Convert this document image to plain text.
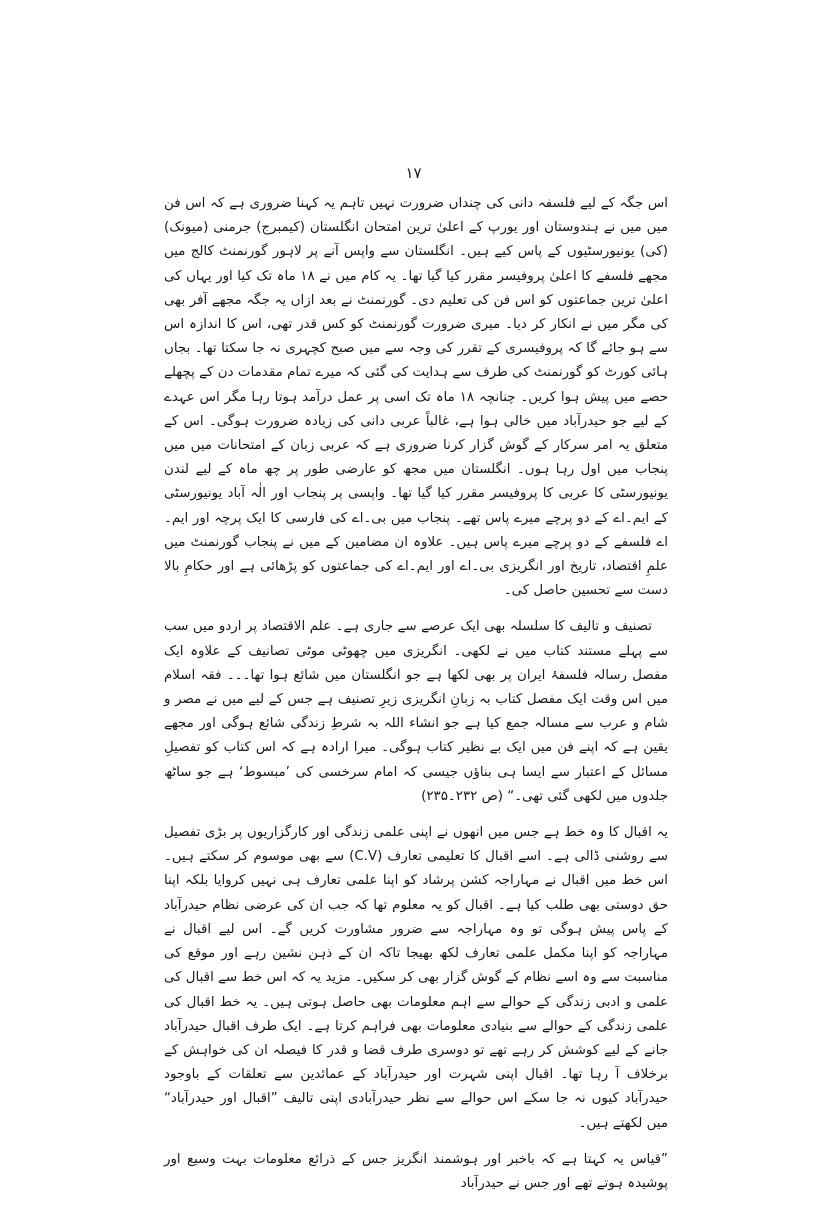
۱۷

اس جگہ کے لیے فلسفہ دانی کی چنداں ضرورت نہیں تاہم یہ کہنا ضروری ہے کہ اس فن میں میں نے ہندوستان اور یورپ کے اعلیٰ ترین امتحان انگلستان (کیمبرج) جرمنی (میونک) (کی) یونیورسٹیوں کے پاس کیے ہیں۔ انگلستان سے واپس آنے پر لاہور گورنمنٹ کالج میں مجھے فلسفے کا اعلیٰ پروفیسر مقرر کیا گیا تھا۔ یہ کام میں نے ۱۸ ماہ تک کیا اور یہاں کی اعلیٰ ترین جماعتوں کو اس فن کی تعلیم دی۔ گورنمنٹ نے بعد ازاں یہ جگہ مجھے آفر بھی کی مگر میں نے انکار کر دیا۔ میری ضرورت گورنمنٹ کو کس قدر تھی، اس کا اندازہ اس سے ہو جائے گا کہ پروفیسری کے تقرر کی وجہ سے میں صبح کچہری نہ جا سکتا تھا۔ بجاں ہائی کورٹ کو گورنمنٹ کی طرف سے ہدایت کی گئی کہ میرے تمام مقدمات دن کے پچھلے حصے میں پیش ہوا کریں۔ چنانچہ ۱۸ ماہ تک اسی پر عمل درآمد ہوتا رہا مگر اس عہدے کے لیے جو حیدرآباد میں خالی ہوا ہے، غالباً عربی دانی کی زیادہ ضرورت ہوگی۔ اس کے متعلق یہ امر سرکار کے گوش گزار کرنا ضروری ہے کہ عربی زبان کے امتحانات میں میں پنجاب میں اول رہا ہوں۔ انگلستان میں مجھ کو عارضی طور پر چھ ماہ کے لیے لندن یونیورسٹی کا عربی کا پروفیسر مقرر کیا گیا تھا۔ واپسی پر پنجاب اور الٰہ آباد یونیورسٹی کے ایم۔اے کے دو پرچے میرے پاس تھے۔ پنجاب میں بی۔اے کی فارسی کا ایک پرچہ اور ایم۔اے فلسفے کے دو پرچے میرے پاس ہیں۔ علاوہ ان مضامین کے میں نے پنجاب گورنمنٹ میں علمِ اقتصاد، تاریخ اور انگریزی بی۔اے اور ایم۔اے کی جماعتوں کو پڑھائی ہے اور حکامِ بالا دست سے تحسین حاصل کی۔

تصنیف و تالیف کا سلسلہ بھی ایک عرصے سے جاری ہے۔ علم الاقتصاد پر اردو میں سب سے پہلے مستند کتاب میں نے لکھی۔ انگریزی میں چھوٹی موٹی تصانیف کے علاوہ ایک مفصل رسالہ فلسفۂ ایران پر بھی لکھا ہے جو انگلستان میں شائع ہوا تھا۔۔۔ فقہ اسلام میں اس وقت ایک مفصل کتاب بہ زبانِ انگریزی زیرِ تصنیف ہے جس کے لیے میں نے مصر و شام و عرب سے مسالہ جمع کیا ہے جو انشاء اللہ بہ شرطِ زندگی شائع ہوگی اور مجھے یقین ہے کہ اپنے فن میں ایک بے نظیر کتاب ہوگی۔ میرا ارادہ ہے کہ اس کتاب کو تفصیلِ مسائل کے اعتبار سے ایسا ہی بناؤں جیسی کہ امام سرخسی کی ’مبسوط‘ ہے جو ساٹھ جلدوں میں لکھی گئی تھی۔“ (ص ۲۳۲۔۲۳۵)

یہ اقبال کا وہ خط ہے جس میں انھوں نے اپنی علمی زندگی اور کارگزاریوں پر بڑی تفصیل سے روشنی ڈالی ہے۔ اسے اقبال کا تعلیمی تعارف (C.V) سے بھی موسوم کر سکتے ہیں۔ اس خط میں اقبال نے مہاراجہ کشن پرشاد کو اپنا علمی تعارف ہی نہیں کروایا بلکہ اپنا حق دوستی بھی طلب کیا ہے۔ اقبال کو یہ معلوم تھا کہ جب ان کی عرضی نظام حیدرآباد کے پاس پیش ہوگی تو وہ مہاراجہ سے ضرور مشاورت کریں گے۔ اس لیے اقبال نے مہاراجہ کو اپنا مکمل علمی تعارف لکھ بھیجا تاکہ ان کے ذہن نشین رہے اور موقع کی مناسبت سے وہ اسے نظام کے گوش گزار بھی کر سکیں۔ مزید یہ کہ اس خط سے اقبال کی علمی و ادبی زندگی کے حوالے سے اہم معلومات بھی حاصل ہوتی ہیں۔ یہ خط اقبال کی علمی زندگی کے حوالے سے بنیادی معلومات بھی فراہم کرتا ہے۔ ایک طرف اقبال حیدرآباد جانے کے لیے کوشش کر رہے تھے تو دوسری طرف قضا و قدر کا فیصلہ ان کی خواہش کے برخلاف آ رہا تھا۔ اقبال اپنی شہرت اور حیدرآباد کے عمائدین سے تعلقات کے باوجود حیدرآباد کیوں نہ جا سکے اس حوالے سے نظر حیدرآبادی اپنی تالیف ”اقبال اور حیدرآباد“ میں لکھتے ہیں۔

”قیاس یہ کہتا ہے کہ باخبر اور ہوشمند انگریز جس کے ذرائع معلومات بہت وسیع اور پوشیدہ ہوتے تھے اور جس نے حیدرآباد
